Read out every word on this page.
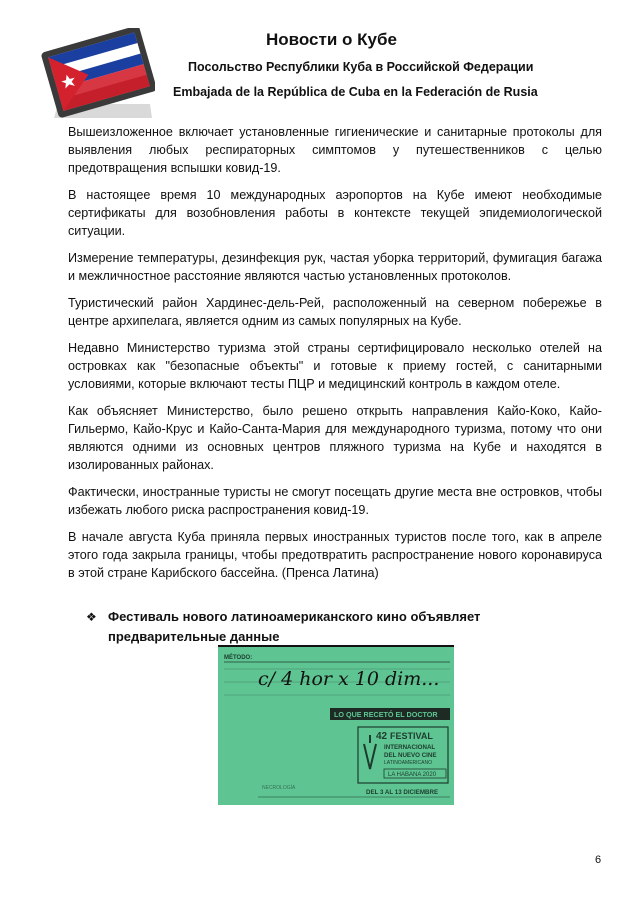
Новости о Кубе
Посольство Республики Куба в Российской Федерации
Embajada de la República de Cuba en la Federación de Rusia

Вышеизложенное включает установленные гигиенические и санитарные протоколы для выявления любых респираторных симптомов у путешественников с целью предотвращения вспышки ковид-19.

В настоящее время 10 международных аэропортов на Кубе имеют необходимые сертификаты для возобновления работы в контексте текущей эпидемиологической ситуации.

Измерение температуры, дезинфекция рук, частая уборка территорий, фумигация багажа и межличностное расстояние являются частью установленных протоколов.

Туристический район Хардинес-дель-Рей, расположенный на северном побережье в центре архипелага, является одним из самых популярных на Кубе.

Недавно Министерство туризма этой страны сертифицировало несколько отелей на островках как "безопасные объекты" и готовые к приему гостей, с санитарными условиями, которые включают тесты ПЦР и медицинский контроль в каждом отеле.

Как объясняет Министерство, было решено открыть направления Кайо-Коко, Кайо-Гильермо, Кайо-Крус и Кайо-Санта-Мария для международного туризма, потому что они являются одними из основных центров пляжного туризма на Кубе и находятся в изолированных районах.

Фактически, иностранные туристы не смогут посещать другие места вне островков, чтобы избежать любого риска распространения ковид-19.

В начале августа Куба приняла первых иностранных туристов после того, как в апреле этого года закрыла границы, чтобы предотвратить распространение нового коронавируса в этой стране Карибского бассейна. (Пренса Латина)

❖ Фестиваль нового латиноамериканского кино объявляет предварительные данные
MÉTODO:
c/ 4 hor x 10 dim...
LO QUE RECETÓ EL DOCTOR
42 FESTIVAL
INTERNACIONAL
DEL NUEVO CINE
LATINOAMERICANO
LA HABANA 2020
NECROLOGÍA
DEL 3 AL 13 DICIEMBRE
6
